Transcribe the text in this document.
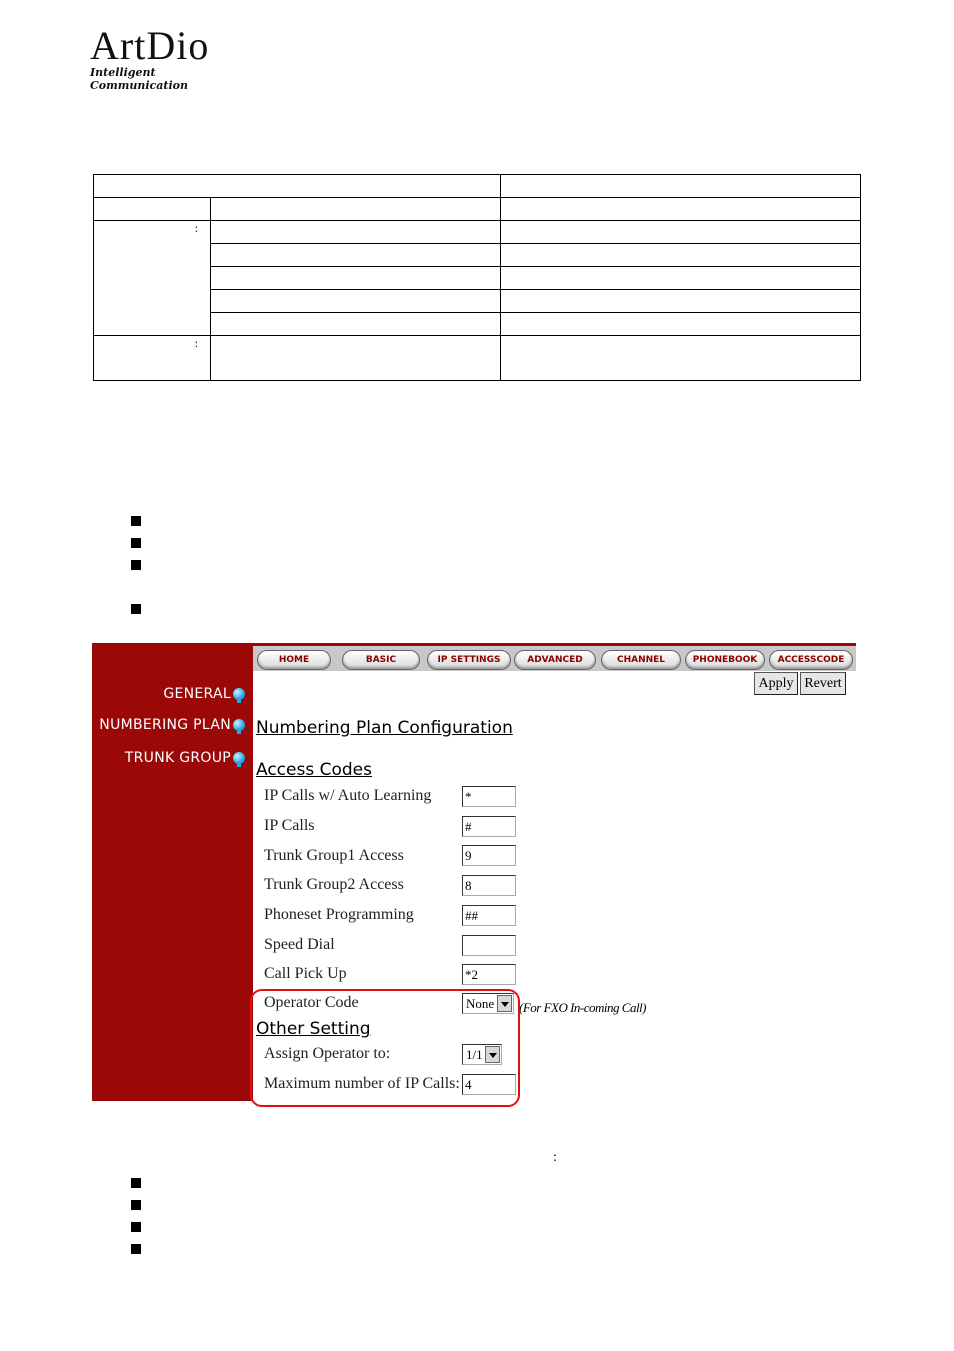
ArtDio
Intelligent Communication

:		

:		
GENERAL
NUMBERING PLAN
TRUNK GROUP
HOME	BASIC	IP SETTINGS	ADVANCED	CHANNEL	PHONEBOOK	ACCESSCODE
Apply Revert
Numbering Plan Configuration
Access Codes
IP Calls w/ Auto Learning	*
IP Calls	#
Trunk Group1 Access	9
Trunk Group2 Access	8
Phoneset Programming	##
Speed Dial
Call Pick Up	*2
Operator Code	None	(For FXO In-coming Call)
Other Setting
Assign Operator to:	1/1
Maximum number of IP Calls: 4
:
